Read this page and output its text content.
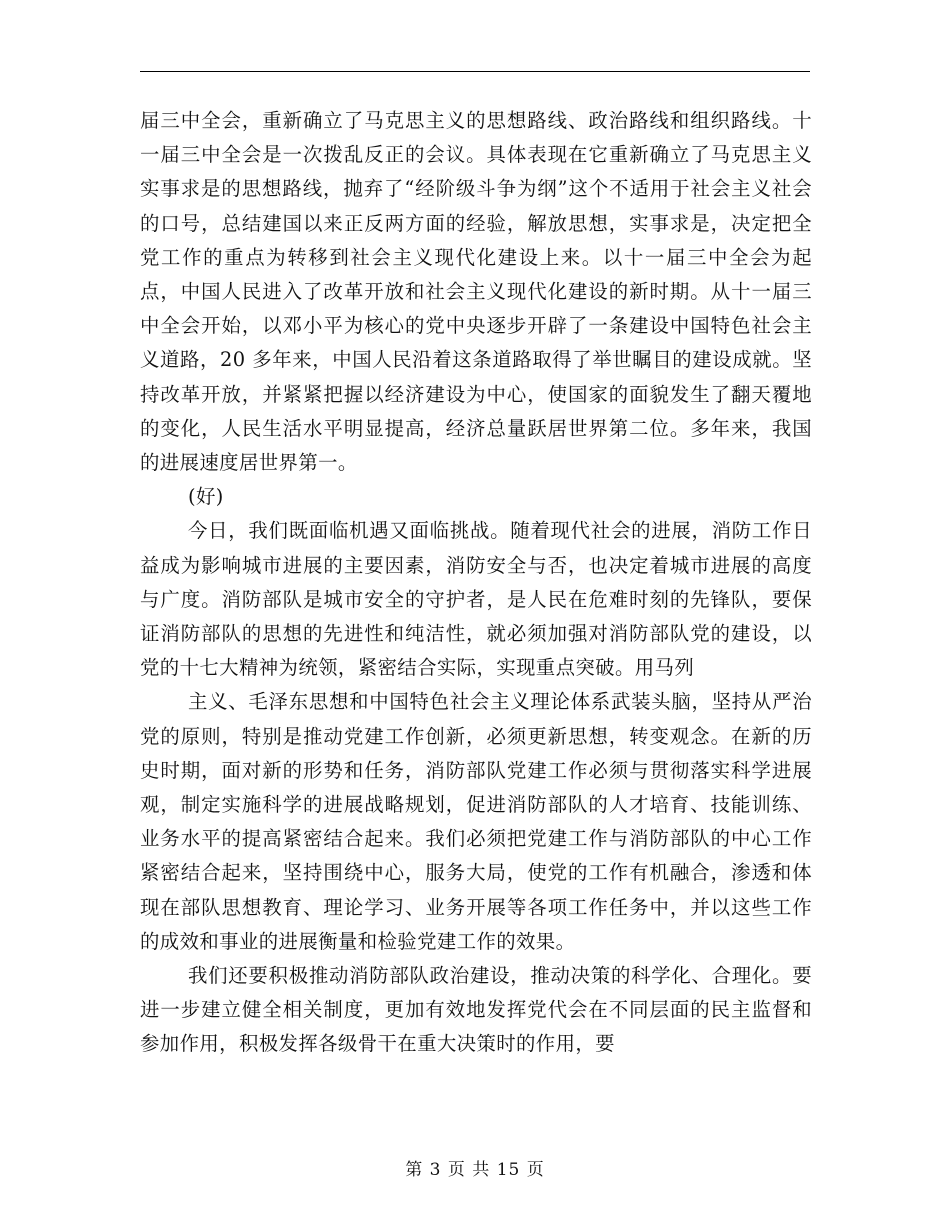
届三中全会，重新确立了马克思主义的思想路线、政治路线和组织路线。十一届三中全会是一次拨乱反正的会议。具体表现在它重新确立了马克思主义实事求是的思想路线，抛弃了“经阶级斗争为纲”这个不适用于社会主义社会的口号，总结建国以来正反两方面的经验，解放思想，实事求是，决定把全党工作的重点为转移到社会主义现代化建设上来。以十一届三中全会为起点，中国人民进入了改革开放和社会主义现代化建设的新时期。从十一届三中全会开始，以邓小平为核心的党中央逐步开辟了一条建设中国特色社会主义道路，20 多年来，中国人民沿着这条道路取得了举世瞩目的建设成就。坚持改革开放，并紧紧把握以经济建设为中心，使国家的面貌发生了翻天覆地的变化，人民生活水平明显提高，经济总量跃居世界第二位。多年来，我国的进展速度居世界第一。

(好)

今日，我们既面临机遇又面临挑战。随着现代社会的进展，消防工作日益成为影响城市进展的主要因素，消防安全与否，也决定着城市进展的高度与广度。消防部队是城市安全的守护者，是人民在危难时刻的先锋队，要保证消防部队的思想的先进性和纯洁性，就必须加强对消防部队党的建设，以党的十七大精神为统领，紧密结合实际，实现重点突破。用马列

主义、毛泽东思想和中国特色社会主义理论体系武装头脑，坚持从严治党的原则，特别是推动党建工作创新，必须更新思想，转变观念。在新的历史时期，面对新的形势和任务，消防部队党建工作必须与贯彻落实科学进展观，制定实施科学的进展战略规划，促进消防部队的人才培育、技能训练、业务水平的提高紧密结合起来。我们必须把党建工作与消防部队的中心工作紧密结合起来，坚持围绕中心，服务大局，使党的工作有机融合，渗透和体现在部队思想教育、理论学习、业务开展等各项工作任务中，并以这些工作的成效和事业的进展衡量和检验党建工作的效果。

我们还要积极推动消防部队政治建设，推动决策的科学化、合理化。要进一步建立健全相关制度，更加有效地发挥党代会在不同层面的民主监督和参加作用，积极发挥各级骨干在重大决策时的作用，要

第 3 页 共 15 页
